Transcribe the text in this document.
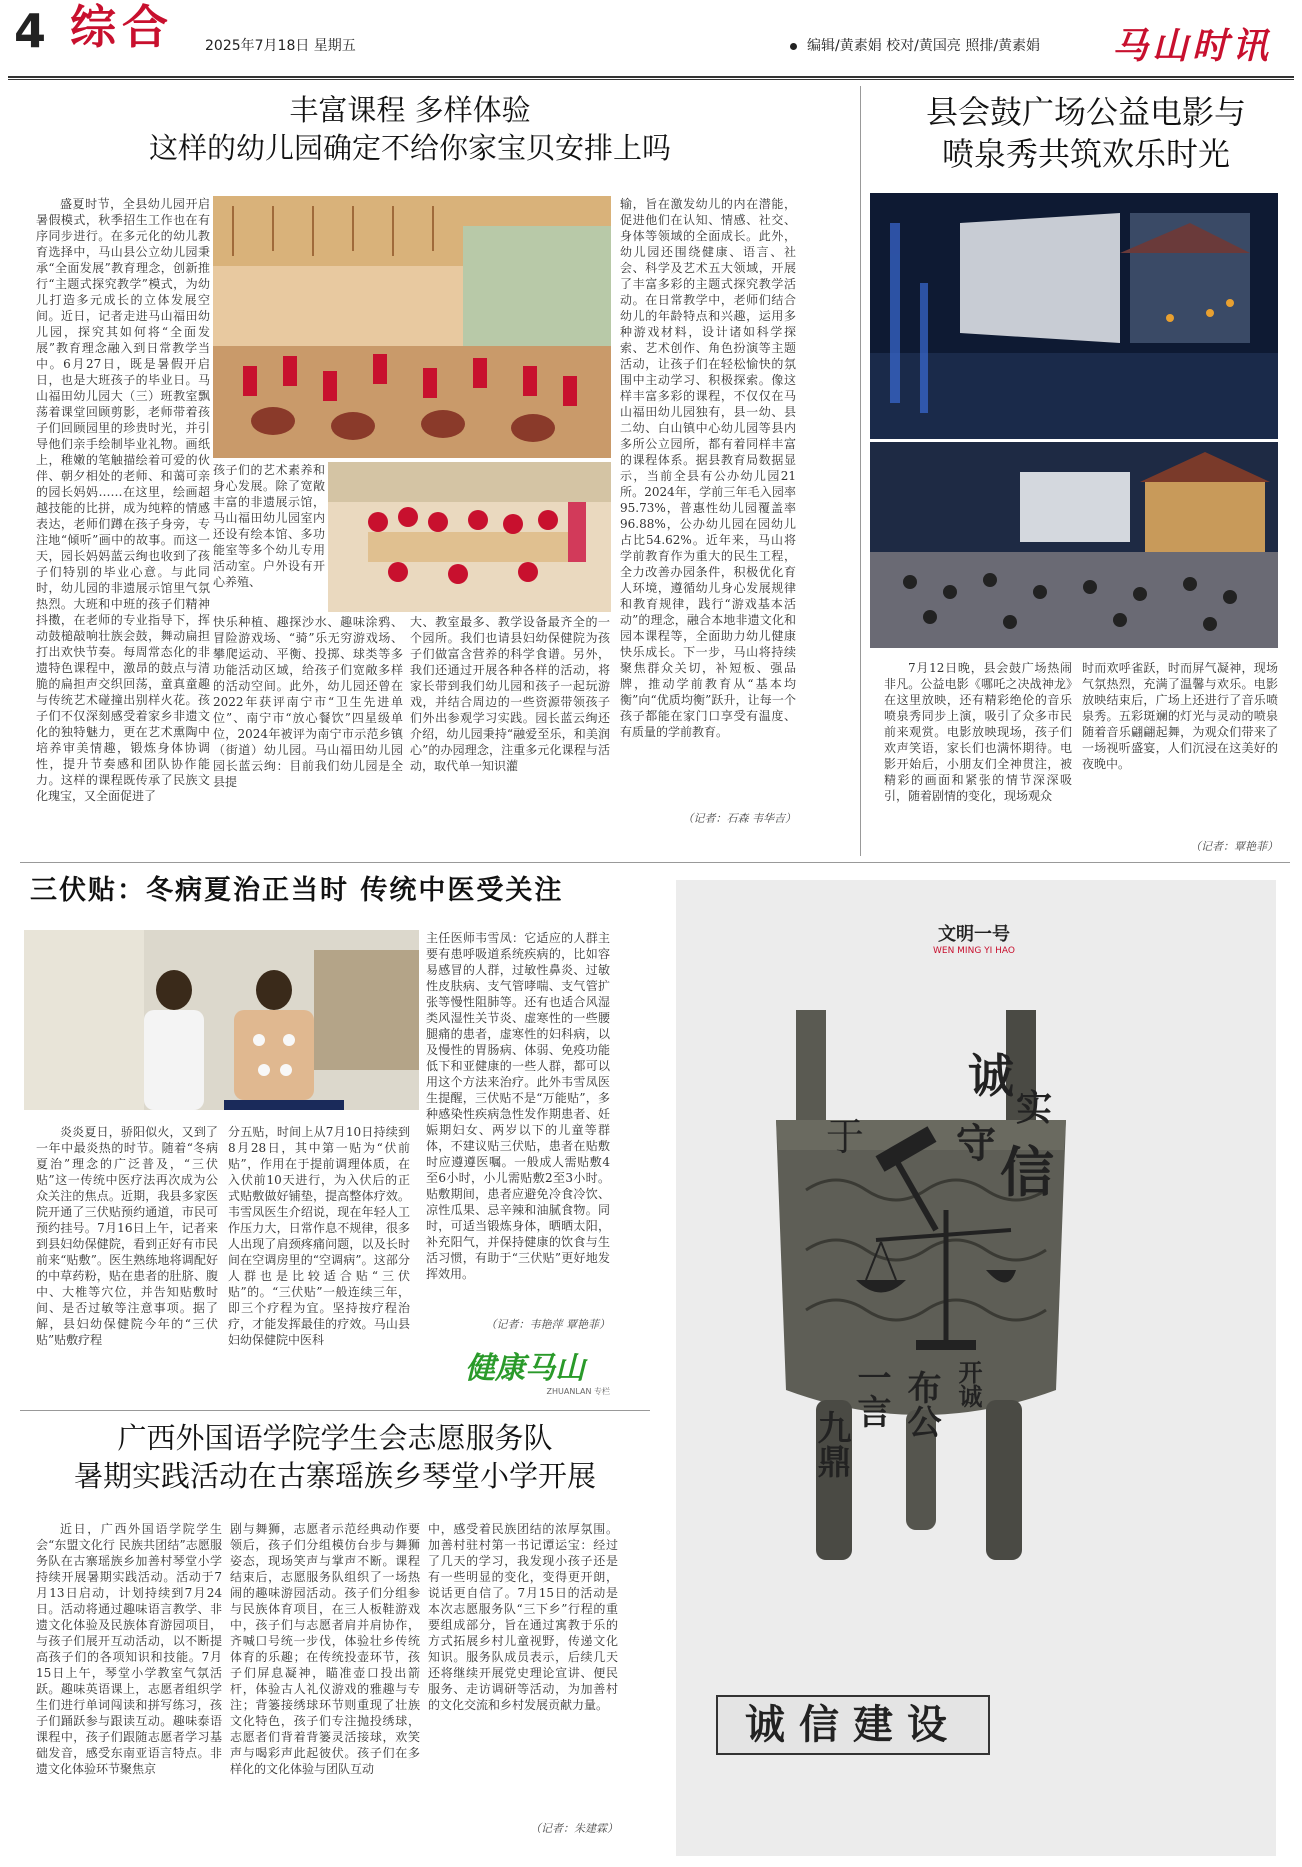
4 综合 2025年7月18日 星期五	编辑/黄素娟 校对/黄国亮 照排/黄素娟 马山时讯
丰富课程 多样体验
这样的幼儿园确定不给你家宝贝安排上吗

盛夏时节，全县幼儿园开启暑假模式，秋季招生工作也在有序同步进行。在多元化的幼儿教育选择中，马山县公立幼儿园秉承“全面发展”教育理念，创新推行“主题式探究教学”模式，为幼儿打造多元成长的立体发展空间。近日，记者走进马山福田幼儿园，探究其如何将“全面发展”教育理念融入到日常教学当中。6月27日，既是暑假开启日，也是大班孩子的毕业日。马山福田幼儿园大（三）班教室飘荡着课堂回顾剪影，老师带着孩子们回顾园里的珍贵时光，并引导他们亲手绘制毕业礼物。画纸上，稚嫩的笔触描绘着可爱的伙伴、朝夕相处的老师、和蔼可亲的园长妈妈……在这里，绘画超越技能的比拼，成为纯粹的情感表达，老师们蹲在孩子身旁，专注地“倾听”画中的故事。而这一天，园长妈妈蓝云绚也收到了孩子们特别的毕业心意。与此同时，幼儿园的非遗展示馆里气氛热烈。大班和中班的孩子们精神抖擞，在老师的专业指导下，挥动鼓槌敲响壮族会鼓，舞动扁担打出欢快节奏。每周常态化的非遗特色课程中，激昂的鼓点与清脆的扁担声交织回荡，童真童趣与传统艺术碰撞出别样火花。孩子们不仅深刻感受着家乡非遗文化的独特魅力，更在艺术熏陶中培养审美情趣，锻炼身体协调性，提升节奏感和团队协作能力。这样的课程既传承了民族文化瑰宝，又全面促进了

孩子们的艺术素养和身心发展。除了宽敞丰富的非遗展示馆，马山福田幼儿园室内还设有绘本馆、多功能室等多个幼儿专用活动室。户外设有开心养殖、

快乐种植、趣探沙水、趣味涂鸦、冒险游戏场、“骑”乐无穷游戏场、攀爬运动、平衡、投掷、球类等多功能活动区域，给孩子们宽敞多样的活动空间。此外，幼儿园还曾在2022年获评南宁市“卫生先进单位”、南宁市“放心餐饮”四星级单位，2024年被评为南宁市示范乡镇（街道）幼儿园。马山福田幼儿园园长蓝云绚：目前我们幼儿园是全县提

大、教室最多、教学设备最齐全的一个园所。我们也请县妇幼保健院为孩子们做富含营养的科学食谱。另外，我们还通过开展各种各样的活动，将家长带到我们幼儿园和孩子一起玩游戏，并结合周边的一些资源带领孩子们外出参观学习实践。园长蓝云绚还介绍，幼儿园秉持“融爱至乐，和美润心”的办园理念，注重多元化课程与活动，取代单一知识灌

输，旨在激发幼儿的内在潜能，促进他们在认知、情感、社交、身体等领域的全面成长。此外，幼儿园还围绕健康、语言、社会、科学及艺术五大领域，开展了丰富多彩的主题式探究教学活动。在日常教学中，老师们结合幼儿的年龄特点和兴趣，运用多种游戏材料，设计诸如科学探索、艺术创作、角色扮演等主题活动，让孩子们在轻松愉快的氛围中主动学习、积极探索。像这样丰富多彩的课程，不仅仅在马山福田幼儿园独有，县一幼、县二幼、白山镇中心幼儿园等县内多所公立园所，都有着同样丰富的课程体系。据县教育局数据显示，当前全县有公办幼儿园21所。2024年，学前三年毛入园率95.73%，普惠性幼儿园覆盖率96.88%，公办幼儿园在园幼儿占比54.62%。近年来，马山将学前教育作为重大的民生工程，全力改善办园条件，积极优化育人环境，遵循幼儿身心发展规律和教育规律，践行“游戏基本活动”的理念，融合本地非遗文化和园本课程等，全面助力幼儿健康快乐成长。下一步，马山将持续聚焦群众关切，补短板、强品牌，推动学前教育从“基本均衡”向“优质均衡”跃升，让每一个孩子都能在家门口享受有温度、有质量的学前教育。

（记者：石森 韦华吉）
县会鼓广场公益电影与
喷泉秀共筑欢乐时光

7月12日晚，县会鼓广场热闹非凡。公益电影《哪吒之决战神龙》在这里放映，还有精彩绝伦的音乐喷泉秀同步上演，吸引了众多市民前来观赏。电影放映现场，孩子们欢声笑语，家长们也满怀期待。电影开始后，小朋友们全神贯注，被精彩的画面和紧张的情节深深吸引，随着剧情的变化，现场观众

时而欢呼雀跃，时而屏气凝神，现场气氛热烈，充满了温馨与欢乐。电影放映结束后，广场上还进行了音乐喷泉秀。五彩斑斓的灯光与灵动的喷泉随着音乐翩翩起舞，为观众们带来了一场视听盛宴，人们沉浸在这美好的夜晚中。

（记者：覃艳菲）
三伏贴：冬病夏治正当时 传统中医受关注

炎炎夏日，骄阳似火，又到了一年中最炎热的时节。随着“冬病夏治”理念的广泛普及，“三伏贴”这一传统中医疗法再次成为公众关注的焦点。近期，我县多家医院开通了三伏贴预约通道，市民可预约挂号。7月16日上午，记者来到县妇幼保健院，看到正好有市民前来“贴敷”。医生熟练地将调配好的中草药粉，贴在患者的肚脐、腹中、大椎等穴位，并告知贴敷时间、是否过敏等注意事项。据了解，县妇幼保健院今年的“三伏贴”贴敷疗程

分五贴，时间上从7月10日持续到8月28日，其中第一贴为“伏前贴”，作用在于提前调理体质，在入伏前10天进行，为入伏后的正式贴敷做好铺垫，提高整体疗效。韦雪凤医生介绍说，现在年轻人工作压力大，日常作息不规律，很多人出现了肩颈疼痛问题，以及长时间在空调房里的“空调病”。这部分人群也是比较适合贴“三伏贴”的。“三伏贴”一般连续三年，即三个疗程为宜。坚持按疗程治疗，才能发挥最佳的疗效。马山县妇幼保健院中医科

主任医师韦雪凤：它适应的人群主要有患呼吸道系统疾病的，比如容易感冒的人群，过敏性鼻炎、过敏性皮肤病、支气管哮喘、支气管扩张等慢性阻肺等。还有也适合风湿类风湿性关节炎、虚寒性的一些腰腿痛的患者，虚寒性的妇科病，以及慢性的胃肠病、体弱、免疫功能低下和亚健康的一些人群，都可以用这个方法来治疗。此外韦雪凤医生提醒，三伏贴不是“万能贴”，多种感染性疾病急性发作期患者、妊娠期妇女、两岁以下的儿童等群体，不建议贴三伏贴，患者在贴敷时应遵遵医嘱。一般成人需贴敷4至6小时，小儿需贴敷2至3小时。贴敷期间，患者应避免冷食冷饮、凉性瓜果、忌辛辣和油腻食物。同时，可适当锻炼身体，晒晒太阳，补充阳气，并保持健康的饮食与生活习惯，有助于“三伏贴”更好地发挥效用。

（记者：韦艳萍 覃艳菲）
健康马山
ZHUANLAN 专栏
广西外国语学院学生会志愿服务队
暑期实践活动在古寨瑶族乡琴堂小学开展

近日，广西外国语学院学生会“东盟文化行 民族共团结”志愿服务队在古寨瑶族乡加善村琴堂小学持续开展暑期实践活动。活动于7月13日启动，计划持续到7月24日。活动将通过趣味语言教学、非遗文化体验及民族体育游园项目，与孩子们展开互动活动，以不断提高孩子们的各项知识和技能。7月15日上午，琴堂小学教室气氛活跃。趣味英语课上，志愿者组织学生们进行单词闯读和拼写练习，孩子们踊跃参与跟读互动。趣味泰语课程中，孩子们跟随志愿者学习基础发音，感受东南亚语言特点。非遗文化体验环节聚焦京

剧与舞狮，志愿者示范经典动作要领后，孩子们分组模仿台步与舞狮姿态，现场笑声与掌声不断。课程结束后，志愿服务队组织了一场热闹的趣味游园活动。孩子们分组参与民族体育项目，在三人板鞋游戏中，孩子们与志愿者肩并肩协作，齐喊口号统一步伐，体验壮乡传统体育的乐趣；在传统投壶环节，孩子们屏息凝神，瞄准壶口投出箭杆，体验古人礼仪游戏的雅趣与专注；背篓接绣球环节则重现了壮族文化特色，孩子们专注抛投绣球，志愿者们背着背篓灵活接球，欢笑声与喝彩声此起彼伏。孩子们在多样化的文化体验与团队互动

中，感受着民族团结的浓厚氛围。加善村驻村第一书记谭运宝：经过了几天的学习，我发现小孩子还是有一些明显的变化，变得更开朗，说话更自信了。7月15日的活动是本次志愿服务队“三下乡”行程的重要组成部分，旨在通过寓教于乐的方式拓展乡村儿童视野，传递文化知识。服务队成员表示，后续几天还将继续开展党史理论宣讲、便民服务、走访调研等活动，为加善村的文化交流和乡村发展贡献力量。

（记者：朱建霖）
文明一号
WEN MING YI HAO
诚
实
守 信
于
开诚
布公
一言
九鼎
诚信建设
